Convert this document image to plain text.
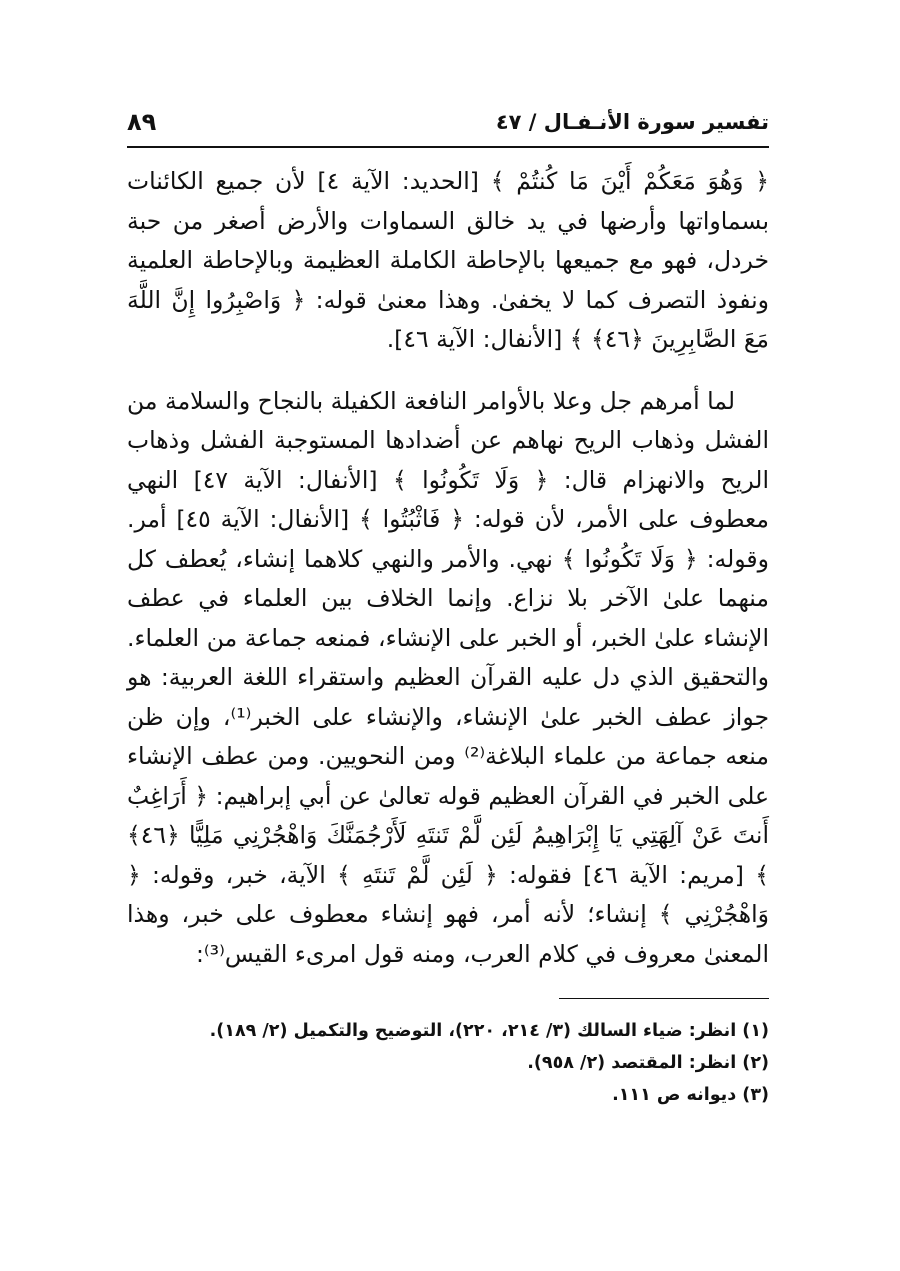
تفسير سورة الأنـفـال / ٤٧
٨٩

﴿ وَهُوَ مَعَكُمْ أَيْنَ مَا كُنتُمْ ﴾ [الحديد: الآية ٤] لأن جميع الكائنات بسماواتها وأرضها في يد خالق السماوات والأرض أصغر من حبة خردل، فهو مع جميعها بالإحاطة الكاملة العظيمة وبالإحاطة العلمية ونفوذ التصرف كما لا يخفىٰ. وهذا معنىٰ قوله: ﴿ وَاصْبِرُوا إِنَّ اللَّهَ مَعَ الصَّابِرِينَ ﴿٤٦﴾ ﴾ [الأنفال: الآية ٤٦].

لما أمرهم جل وعلا بالأوامر النافعة الكفيلة بالنجاح والسلامة من الفشل وذهاب الريح نهاهم عن أضدادها المستوجبة الفشل وذهاب الريح والانهزام قال: ﴿ وَلَا تَكُونُوا ﴾ [الأنفال: الآية ٤٧] النهي معطوف على الأمر، لأن قوله: ﴿ فَاثْبُتُوا ﴾ [الأنفال: الآية ٤٥] أمر. وقوله: ﴿ وَلَا تَكُونُوا ﴾ نهي. والأمر والنهي كلاهما إنشاء، يُعطف كل منهما علىٰ الآخر بلا نزاع. وإنما الخلاف بين العلماء في عطف الإنشاء علىٰ الخبر، أو الخبر على الإنشاء، فمنعه جماعة من العلماء. والتحقيق الذي دل عليه القرآن العظيم واستقراء اللغة العربية: هو جواز عطف الخبر علىٰ الإنشاء، والإنشاء على الخبر⁽¹⁾، وإن ظن منعه جماعة من علماء البلاغة⁽²⁾ ومن النحويين. ومن عطف الإنشاء على الخبر في القرآن العظيم قوله تعالىٰ عن أبي إبراهيم: ﴿ أَرَاغِبٌ أَنتَ عَنْ آلِهَتِي يَا إِبْرَاهِيمُ لَئِن لَّمْ تَنتَهِ لَأَرْجُمَنَّكَ وَاهْجُرْنِي مَلِيًّا ﴿٤٦﴾ ﴾ [مريم: الآية ٤٦] فقوله: ﴿ لَئِن لَّمْ تَنتَهِ ﴾ الآية، خبر، وقوله: ﴿ وَاهْجُرْنِي ﴾ إنشاء؛ لأنه أمر، فهو إنشاء معطوف على خبر، وهذا المعنىٰ معروف في كلام العرب، ومنه قول امرىء القيس⁽³⁾:

(١) انظر: ضياء السالك (٣/ ٢١٤، ٢٢٠)، التوضيح والتكميل (٢/ ١٨٩).
(٢) انظر: المقتصد (٢/ ٩٥٨).
(٣) ديوانه ص ١١١.
